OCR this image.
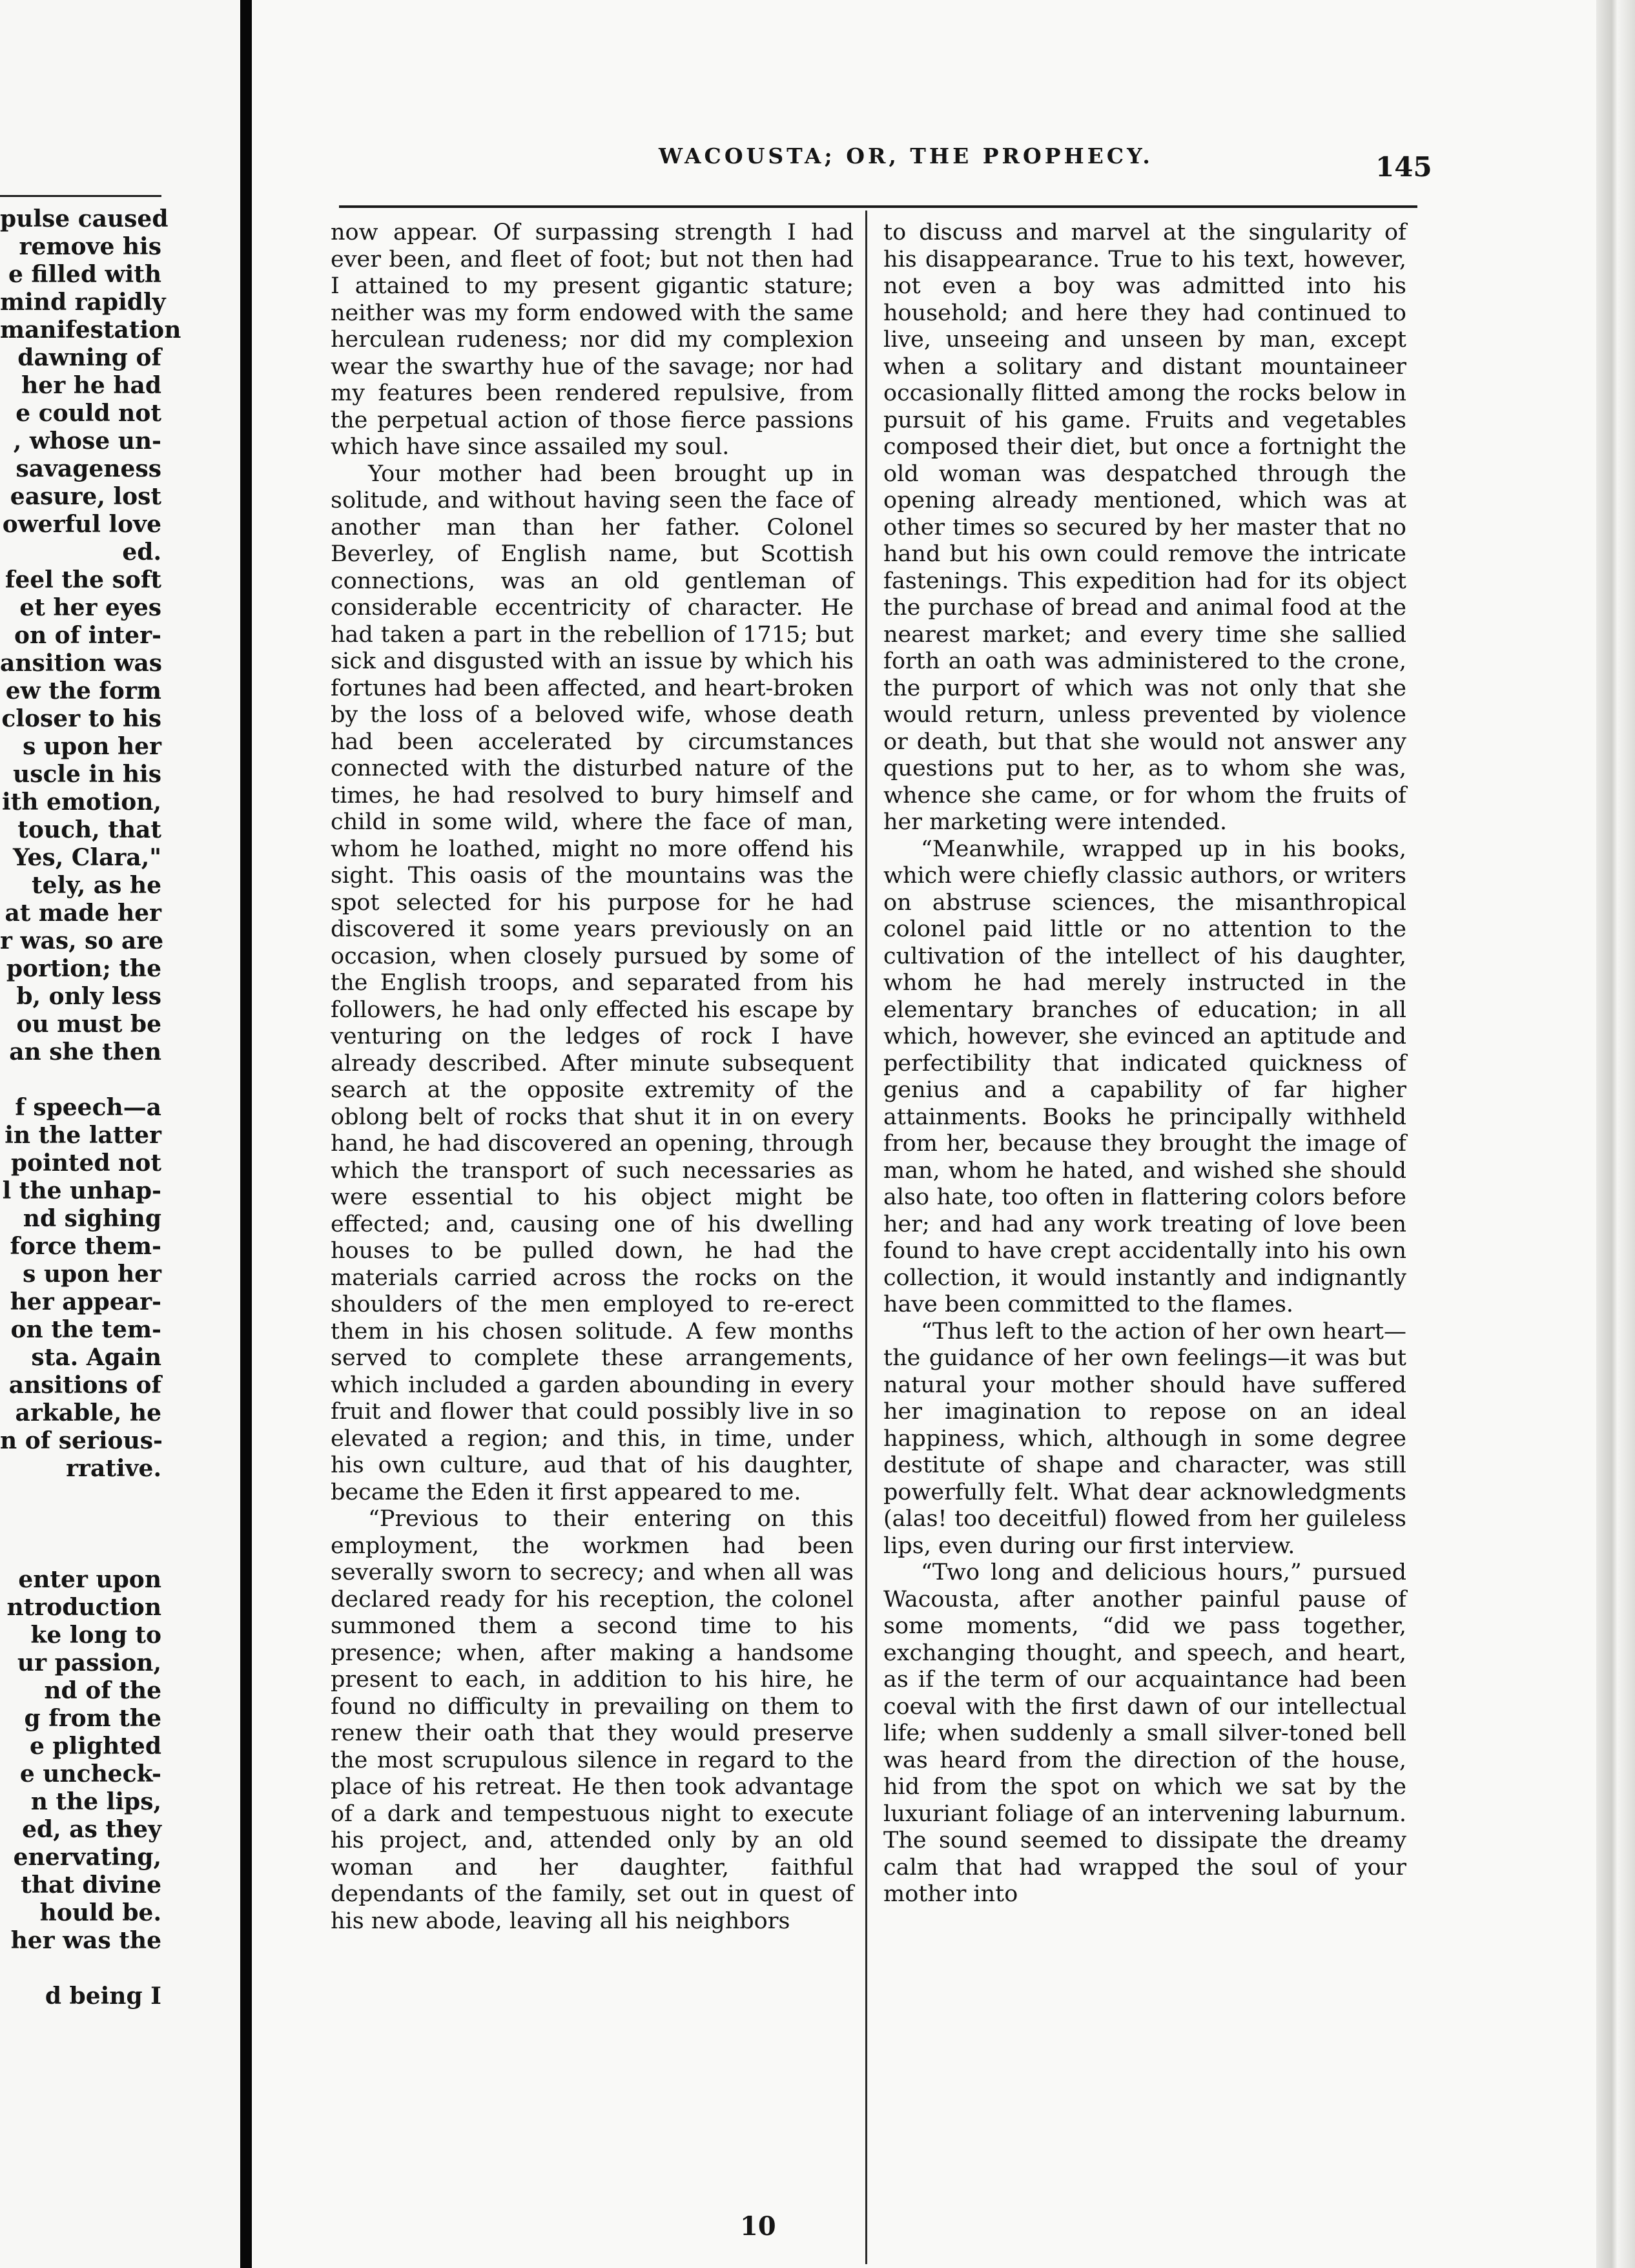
pulse caused
remove his
e filled with
mind rapidly
manifestation
dawning of
her he had
e could not
, whose un-
savageness
easure, lost
owerful love
ed.
feel the soft
et her eyes
on of inter-
ansition was
ew the form
closer to his
s upon her
uscle in his
ith emotion,
touch, that
Yes, Clara,"
tely, as he
at made her
r was, so are
portion; the
b, only less
ou must be
an she then
f speech—a
in the latter
pointed not
l the unhap-
nd sighing
force them-
s upon her
her appear-
on the tem-
sta. Again
ansitions of
arkable, he
n of serious-
rrative.
enter upon
ntroduction
ke long to
ur passion,
nd of the
g from the
e plighted
e uncheck-
n the lips,
ed, as they
enervating,
that divine
hould be.
her was the
d being I
WACOUSTA; OR, THE PROPHECY.	145

now appear. Of surpassing strength I had ever been, and fleet of foot; but not then had I attained to my present gigantic stature; neither was my form endowed with the same herculean rudeness; nor did my complexion wear the swarthy hue of the savage; nor had my features been rendered repulsive, from the perpetual action of those fierce passions which have since assailed my soul.

Your mother had been brought up in solitude, and without having seen the face of another man than her father. Colonel Beverley, of English name, but Scottish connections, was an old gentleman of considerable eccentricity of character. He had taken a part in the rebellion of 1715; but sick and disgusted with an issue by which his fortunes had been affected, and heart-broken by the loss of a beloved wife, whose death had been accelerated by circumstances connected with the disturbed nature of the times, he had resolved to bury himself and child in some wild, where the face of man, whom he loathed, might no more offend his sight. This oasis of the mountains was the spot selected for his purpose for he had discovered it some years previously on an occasion, when closely pursued by some of the English troops, and separated from his followers, he had only effected his escape by venturing on the ledges of rock I have already described. After minute subsequent search at the opposite extremity of the oblong belt of rocks that shut it in on every hand, he had discovered an opening, through which the transport of such necessaries as were essential to his object might be effected; and, causing one of his dwelling houses to be pulled down, he had the materials carried across the rocks on the shoulders of the men employed to re-erect them in his chosen solitude. A few months served to complete these arrangements, which included a garden abounding in every fruit and flower that could possibly live in so elevated a region; and this, in time, under his own culture, aud that of his daughter, became the Eden it first appeared to me.

“Previous to their entering on this employment, the workmen had been severally sworn to secrecy; and when all was declared ready for his reception, the colonel summoned them a second time to his presence; when, after making a handsome present to each, in addition to his hire, he found no difficulty in prevailing on them to renew their oath that they would preserve the most scrupulous silence in regard to the place of his retreat. He then took advantage of a dark and tempestuous night to execute his project, and, attended only by an old woman and her daughter, faithful dependants of the family, set out in quest of his new abode, leaving all his neighbors

to discuss and marvel at the singularity of his disappearance. True to his text, however, not even a boy was admitted into his household; and here they had continued to live, unseeing and unseen by man, except when a solitary and distant mountaineer occasionally flitted among the rocks below in pursuit of his game. Fruits and vegetables composed their diet, but once a fortnight the old woman was despatched through the opening already mentioned, which was at other times so secured by her master that no hand but his own could remove the intricate fastenings. This expedition had for its object the purchase of bread and animal food at the nearest market; and every time she sallied forth an oath was administered to the crone, the purport of which was not only that she would return, unless prevented by violence or death, but that she would not answer any questions put to her, as to whom she was, whence she came, or for whom the fruits of her marketing were intended.

“Meanwhile, wrapped up in his books, which were chiefly classic authors, or writers on abstruse sciences, the misanthropical colonel paid little or no attention to the cultivation of the intellect of his daughter, whom he had merely instructed in the elementary branches of education; in all which, however, she evinced an aptitude and perfectibility that indicated quickness of genius and a capability of far higher attainments. Books he principally withheld from her, because they brought the image of man, whom he hated, and wished she should also hate, too often in flattering colors before her; and had any work treating of love been found to have crept accidentally into his own collection, it would instantly and indignantly have been committed to the flames.

“Thus left to the action of her own heart—the guidance of her own feelings—it was but natural your mother should have suffered her imagination to repose on an ideal happiness, which, although in some degree destitute of shape and character, was still powerfully felt. What dear acknowledgments (alas! too deceitful) flowed from her guileless lips, even during our first interview.

“Two long and delicious hours,” pursued Wacousta, after another painful pause of some moments, “did we pass together, exchanging thought, and speech, and heart, as if the term of our acquaintance had been coeval with the first dawn of our intellectual life; when suddenly a small silver-toned bell was heard from the direction of the house, hid from the spot on which we sat by the luxuriant foliage of an intervening laburnum. The sound seemed to dissipate the dreamy calm that had wrapped the soul of your mother into

10
